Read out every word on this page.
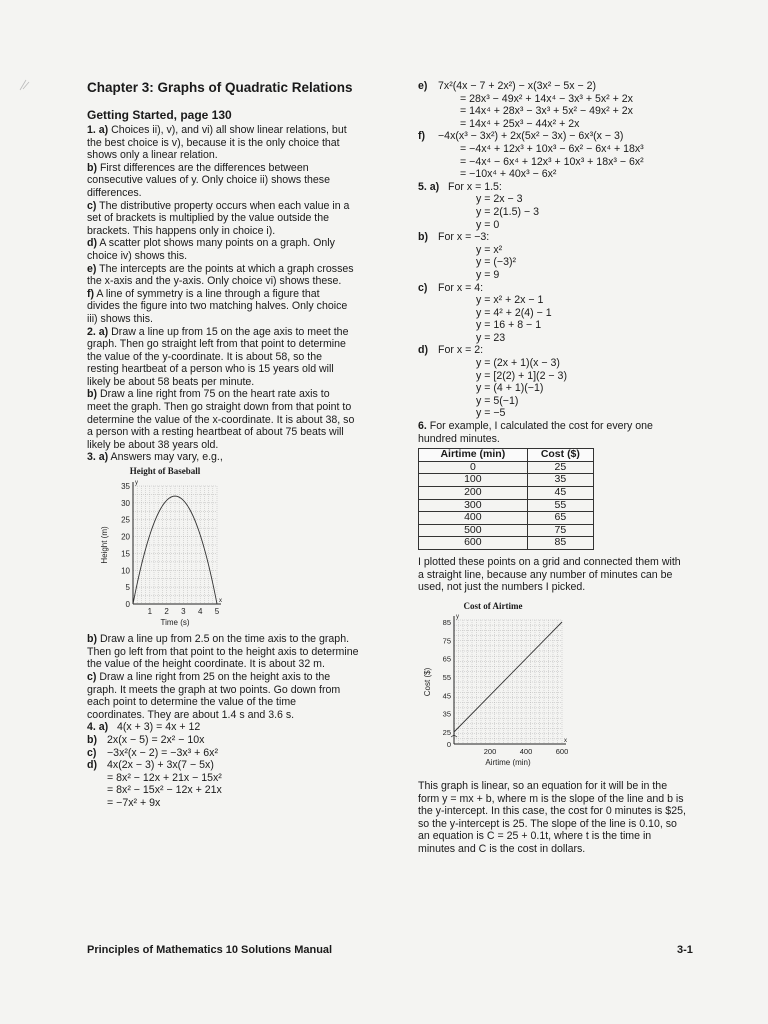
Chapter 3: Graphs of Quadratic Relations
Getting Started, page 130
1. a) Choices ii), v), and vi) all show linear relations, but
the best choice is v), because it is the only choice that
shows only a linear relation.
b) First differences are the differences between
consecutive values of y. Only choice ii) shows these
differences.
c) The distributive property occurs when each value in a
set of brackets is multiplied by the value outside the
brackets. This happens only in choice i).
d) A scatter plot shows many points on a graph. Only
choice iv) shows this.
e) The intercepts are the points at which a graph crosses
the x-axis and the y-axis. Only choice vi) shows these.
f) A line of symmetry is a line through a figure that
divides the figure into two matching halves. Only choice
iii) shows this.
2. a) Draw a line up from 15 on the age axis to meet the
graph. Then go straight left from that point to determine
the value of the y-coordinate. It is about 58, so the
resting heartbeat of a person who is 15 years old will
likely be about 58 beats per minute.
b) Draw a line right from 75 on the heart rate axis to
meet the graph. Then go straight down from that point to
determine the value of the x-coordinate. It is about 38, so
a person with a resting heartbeat of about 75 beats will
likely be about 38 years old.
3. a) Answers may vary, e.g.,
Height of Baseball
y
x
35
30
25
20
15
10
5
0
1 2 3 4 5
Height (m)
Time (s)
b) Draw a line up from 2.5 on the time axis to the graph.
Then go left from that point to the height axis to determine
the value of the height coordinate. It is about 32 m.
c) Draw a line right from 25 on the height axis to the
graph. It meets the graph at two points. Go down from
each point to determine the value of the time
coordinates. They are about 1.4 s and 3.6 s.
4. a) 4(x + 3) = 4x + 12
b) 2x(x − 5) = 2x² − 10x
c) −3x²(x − 2) = −3x³ + 6x²
d) 4x(2x − 3) + 3x(7 − 5x)
= 8x² − 12x + 21x − 15x²
= 8x² − 15x² − 12x + 21x
= −7x² + 9x
e) 7x²(4x − 7 + 2x²) − x(3x² − 5x − 2)
= 28x³ − 49x² + 14x⁴ − 3x³ + 5x² + 2x
= 14x⁴ + 28x³ − 3x³ + 5x² − 49x² + 2x
= 14x⁴ + 25x³ − 44x² + 2x
f)	−4x(x³ − 3x²) + 2x(5x² − 3x) − 6x³(x − 3)
= −4x⁴ + 12x³ + 10x³ − 6x² − 6x⁴ + 18x³
= −4x⁴ − 6x⁴ + 12x³ + 10x³ + 18x³ − 6x²
= −10x⁴ + 40x³ − 6x²
5. a) For x = 1.5:
y = 2x − 3
y = 2(1.5) − 3
y = 0
b) For x = −3:
y = x²
y = (−3)²
y = 9
c) For x = 4:
y = x² + 2x − 1
y = 4² + 2(4) − 1
y = 16 + 8 − 1
y = 23
d) For x = 2:
y = (2x + 1)(x − 3)
y = [2(2) + 1](2 − 3)
y = (4 + 1)(−1)
y = 5(−1)
y = −5
6. For example, I calculated the cost for every one
hundred minutes.
Airtime (min)	Cost ($)
0	25
100	35
200	45
300	55
400	65
500	75
600	85
I plotted these points on a grid and connected them with
a straight line, because any number of minutes can be
used, not just the numbers I picked.
Cost of Airtime
y
x
85
75
65
55
45
35
25
0
200	400	600
Cost ($)
Airtime (min)
This graph is linear, so an equation for it will be in the
form y = mx + b, where m is the slope of the line and b is
the y-intercept. In this case, the cost for 0 minutes is $25,
so the y-intercept is 25. The slope of the line is 0.10, so
an equation is C = 25 + 0.1t, where t is the time in
minutes and C is the cost in dollars.
Principles of Mathematics 10 Solutions Manual	3-1
